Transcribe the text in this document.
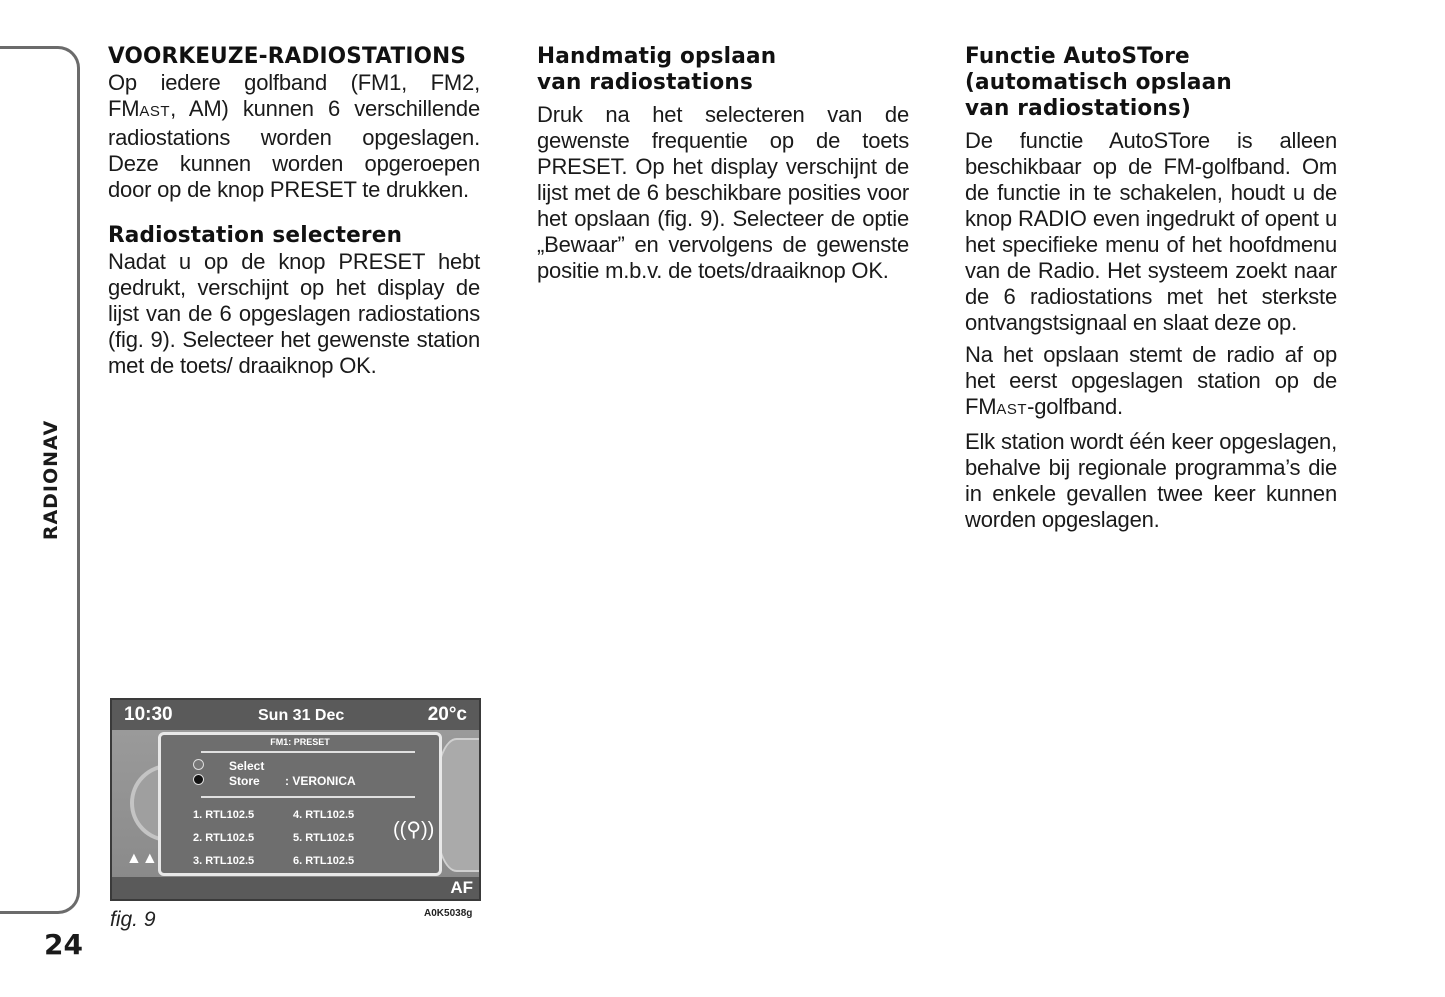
RADIONAV
24
VOORKEUZE-RADIOSTATIONS

Op iedere golfband (FM1, FM2, FMAST, AM) kunnen 6 verschillende radiostations worden opgeslagen. Deze kunnen worden opgeroepen door op de knop PRESET te drukken.

Radiostation selecteren

Nadat u op de knop PRESET hebt gedrukt, verschijnt op het display de lijst van de 6 opgeslagen radiostations (fig. 9). Selecteer het gewenste station met de toets/ draaiknop OK.

Handmatig opslaan
van radiostations

Druk na het selecteren van de gewenste frequentie op de toets PRESET. Op het display verschijnt de lijst met de 6 beschikbare posities voor het opslaan (fig. 9). Selecteer de optie „Bewaar” en vervolgens de gewenste positie m.b.v. de toets/draaiknop OK.

Functie AutoSTore
(automatisch opslaan
van radiostations)

De functie AutoSTore is alleen beschikbaar op de FM-golfband. Om de functie in te schakelen, houdt u de knop RADIO even ingedrukt of opent u het specifieke menu of het hoofdmenu van de Radio. Het systeem zoekt naar de 6 radiostations met het sterkste ontvangstsignaal en slaat deze op.

Na het opslaan stemt de radio af op het eerst opgeslagen station op de FMAST-golfband.

Elk station wordt één keer opgeslagen, behalve bij regionale programma’s die in enkele gevallen twee keer kunnen worden opgeslagen.

10:30	Sun 31 Dec	20°c
▲▲
FM1: PRESET
Select
Store : VERONICA
1. RTL102.5
2. RTL102.5
3. RTL102.5
4. RTL102.5
5. RTL102.5
6. RTL102.5
((⚲))
AF
fig. 9	A0K5038g
